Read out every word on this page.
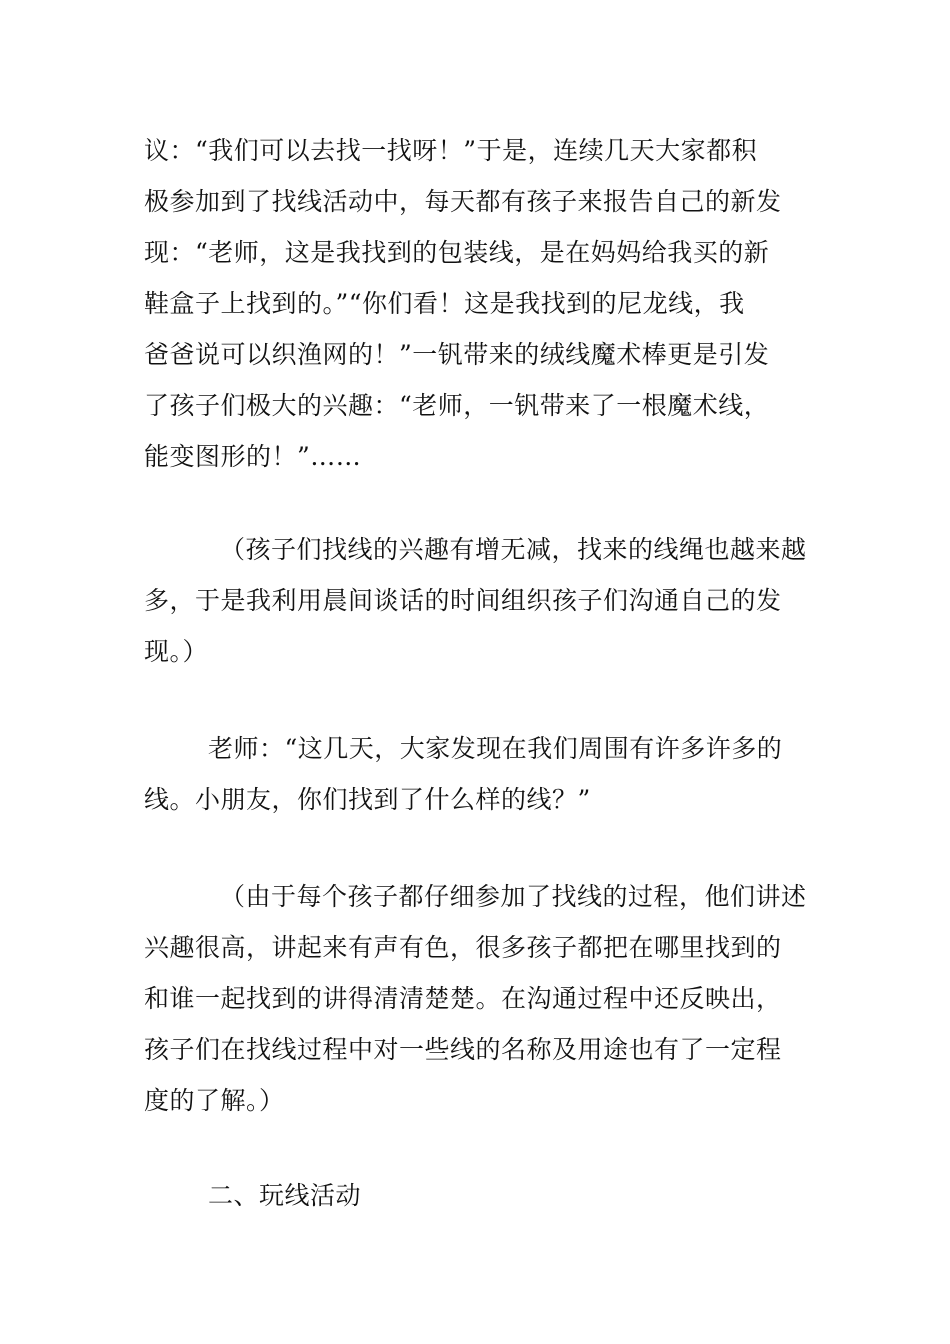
议：“我们可以去找一找呀！”于是，连续几天大家都积
极参加到了找线活动中，每天都有孩子来报告自己的新发
现：“老师，这是我找到的包装线，是在妈妈给我买的新
鞋盒子上找到的。”“你们看！这是我找到的尼龙线，我
爸爸说可以织渔网的！”一钒带来的绒线魔术棒更是引发
了孩子们极大的兴趣：“老师，一钒带来了一根魔术线，
能变图形的！”……

（孩子们找线的兴趣有增无减，找来的线绳也越来越
多，于是我利用晨间谈话的时间组织孩子们沟通自己的发
现。）

老师：“这几天，大家发现在我们周围有许多许多的
线。小朋友，你们找到了什么样的线？”

（由于每个孩子都仔细参加了找线的过程，他们讲述
兴趣很高，讲起来有声有色，很多孩子都把在哪里找到的
和谁一起找到的讲得清清楚楚。在沟通过程中还反映出，
孩子们在找线过程中对一些线的名称及用途也有了一定程
度的了解。）

二、玩线活动
